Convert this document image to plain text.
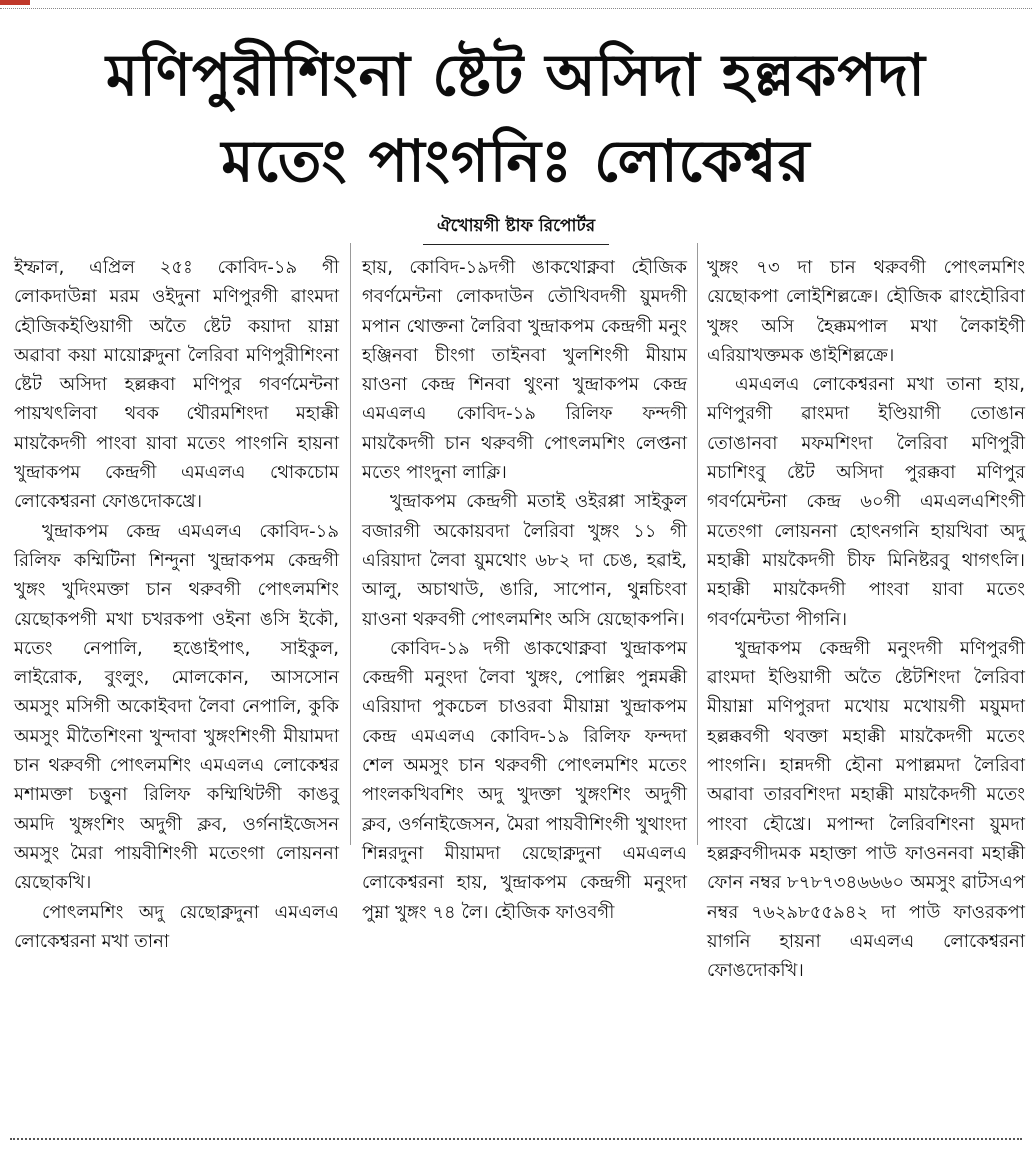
মণিপুরীশিংনা ষ্টেট অসিদা হল্লকপদা
মতেং পাংগনিঃ লোকেশ্বর
ঐখোয়গী ষ্টাফ রিপোর্টর

ইম্ফাল, এপ্রিল ২৫ঃ কোবিদ-১৯ গী লোকদাউন্না মরম ওইদুনা মণিপুরগী ৱাংমদা হৌজিকইণ্ডিয়াগী অতৈ ষ্টেট কয়াদা য়াম্না অৱাবা কয়া মায়োক্নদুনা লৈরিবা মণিপুরীশিংনা ষ্টেট অসিদা হল্লক্কবা মণিপুর গবর্ণমেন্টনা পায়খৎলিবা থবক থৌরমশিংদা মহাক্কী মায়কৈদগী পাংবা য়াবা মতেং পাংগনি হায়না খুন্দ্রাকপম কেন্দ্রগী এমএলএ থোকচোম লোকেশ্বরনা ফোঙদোকখ্রে।

খুন্দ্রাকপম কেন্দ্র এমএলএ কোবিদ-১৯ রিলিফ কম্মিটিনা শিন্দুনা খুন্দ্রাকপম কেন্দ্রগী খুঙ্গং খুদিংমক্তা চান থরুবগী পোৎলমশিং য়েছোকপগী মখা চখরকপা ওইনা ঙসি ইকৌ, মতেং নেপালি, হঙোইপাৎ, সাইকুল, লাইরোক, বুংলুং, মোলকোন, আসসোন অমসুং মসিগী অকোইবদা লৈবা নেপালি, কুকি অমসুং মীতৈশিংনা খুন্দাবা খুঙ্গংশিংগী মীয়ামদা চান থরুবগী পোৎলমশিং এমএলএ লোকেশ্বর মশামক্তা চত্তুনা রিলিফ কম্মিথিটগী কাঙবু অমদি খুঙ্গংশিং অদুগী ক্লব, ওর্গনাইজেসন অমসুং মৈরা পায়বীশিংগী মতেংগা লোয়ননা য়েছোকখি।

পোৎলমশিং অদু য়েছোক্নদুনা এমএলএ লোকেশ্বরনা মখা তানা

হায়, কোবিদ-১৯দগী ঙাকথোক্নবা হৌজিক গবর্ণমেন্টনা লোকদাউন তৌখিবদগী য়ুমদগী মপান থোক্তনা লৈরিবা খুন্দ্রাকপম কেন্দ্রগী মনুং হঞ্জিনবা চীংগা তাইনবা খুলশিংগী মীয়াম য়াওনা কেন্দ্র শিনবা থুংনা খুন্দ্রাকপম কেন্দ্র এমএলএ কোবিদ-১৯ রিলিফ ফন্দগী মায়কৈদগী চান থরুবগী পোৎলমশিং লেপ্তনা মতেং পাংদুনা লাক্লি।

খুন্দ্রাকপম কেন্দ্রগী মতাই ওইরপ্পা সাইকুল বজারগী অকোয়বদা লৈরিবা খুঙ্গং ১১ গী এরিয়াদা লৈবা য়ুমথোং ৬৮২ দা চেঙ, হৱাই, আলু, অচাথাউ, ঙারি, সাপোন, থুন্নচিংবা য়াওনা থরুবগী পোৎলমশিং অসি য়েছোকপনি।

কোবিদ-১৯ দগী ঙাকথোক্নবা খুন্দ্রাকপম কেন্দ্রগী মনুংদা লৈবা খুঙ্গং, পোল্লিং পুন্নমক্কী এরিয়াদা পুকচেল চাওরবা মীয়াম্না খুন্দ্রাকপম কেন্দ্র এমএলএ কোবিদ-১৯ রিলিফ ফন্দদা শেল অমসুং চান থরুবগী পোৎলমশিং মতেং পাংলকখিবশিং অদু খুদক্তা খুঙ্গংশিং অদুগী ক্লব, ওর্গনাইজেসন, মৈরা পায়বীশিংগী খুথাংদা শিন্নরদুনা মীয়ামদা য়েছোক্নদুনা এমএলএ লোকেশ্বরনা হায়, খুন্দ্রাকপম কেন্দ্রগী মনুংদা পুম্না খুঙ্গং ৭৪ লৈ। হৌজিক ফাওবগী

খুঙ্গং ৭৩ দা চান থরুবগী পোৎলমশিং য়েছোকপা লোইশিল্লক্রে। হৌজিক ৱাংহৌরিবা খুঙ্গং অসি হৈক্কমপাল মখা লৈকাইগী এরিয়াখক্তমক ঙাইশিল্লক্রে।

এমএলএ লোকেশ্বরনা মখা তানা হায়, মণিপুরগী ৱাংমদা ইণ্ডিয়াগী তোঙান তোঙানবা মফমশিংদা লৈরিবা মণিপুরী মচাশিংবু ষ্টেট অসিদা পুরক্কবা মণিপুর গবর্ণমেন্টনা কেন্দ্র ৬০গী এমএলএশিংগী মতেংগা লোয়ননা হোৎনগনি হায়খিবা অদু মহাক্কী মায়কৈদগী চীফ মিনিষ্টরবু থাগৎলি। মহাক্কী মায়কৈদগী পাংবা য়াবা মতেং গবর্ণমেন্টতা পীগনি।

খুন্দ্রাকপম কেন্দ্রগী মনুংদগী মণিপুরগী ৱাংমদা ইণ্ডিয়াগী অতৈ ষ্টেটশিংদা লৈরিবা মীয়াম্না মণিপুরদা মখোয় মখোয়গী ময়ুমদা হল্লক্কবগী থবক্তা মহাক্কী মায়কৈদগী মতেং পাংগনি। হান্নদগী হৌনা মপাল্লমদা লৈরিবা অৱাবা তারবশিংদা মহাক্কী মায়কৈদগী মতেং পাংবা হৌখ্রে। মপান্দা লৈরিবশিংনা য়ুমদা হল্লক্নবগীদমক মহাক্তা পাউ ফাওননবা মহাক্কী ফোন নম্বর ৮৭৮৭৩৪৬৬৬০ অমসুং ৱাটসএপ নম্বর ৭৬২৯৮৫৫৯৪২ দা পাউ ফাওরকপা য়াগনি হায়না এমএলএ লোকেশ্বরনা ফোঙদোকখি।
